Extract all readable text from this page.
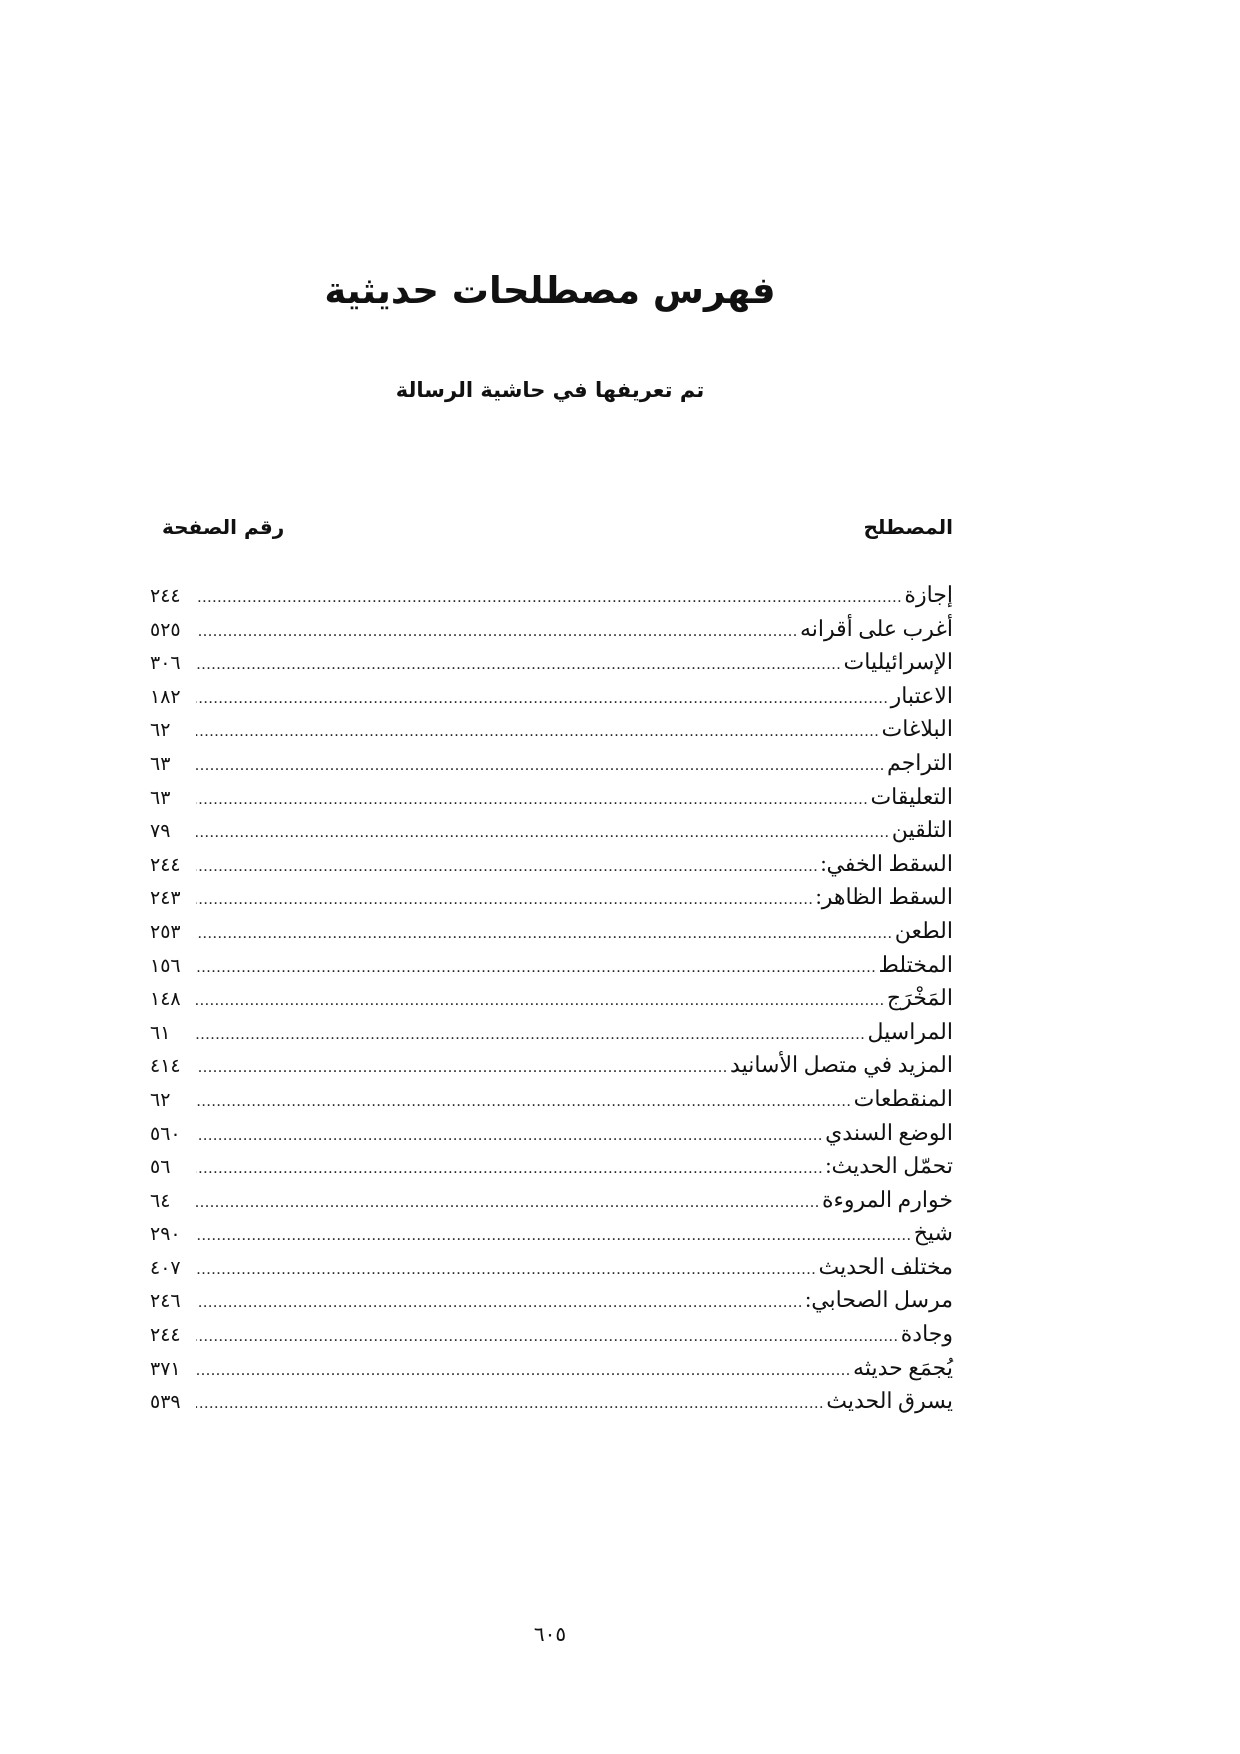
فهرس مصطلحات حديثية
تم تعريفها في حاشية الرسالة
المصطلح
رقم الصفحة
إجازة
.....
٢٤٤
أغرب على أقرانه
.....
٥٢٥
الإسرائيليات
.....
٣٠٦
الاعتبار
.....
١٨٢
البلاغات
.....
٦٢
التراجم
.....
٦٣
التعليقات
.....
٦٣
التلقين
.....
٧٩
السقط الخفي:
.....
٢٤٤
السقط الظاهر:
.....
٢٤٣
الطعن
.....
٢٥٣
المختلط
.....
١٥٦
المَخْرَج
.....
١٤٨
المراسيل
.....
٦١
المزيد في متصل الأسانيد
.....
٤١٤
المنقطعات
.....
٦٢
الوضع السندي
.....
٥٦٠
تحمّل الحديث:
.....
٥٦
خوارم المروءة
.....
٦٤
شيخ
.....
٢٩٠
مختلف الحديث
.....
٤٠٧
مرسل الصحابي:
.....
٢٤٦
وجادة
.....
٢٤٤
يُجمَع حديثه
.....
٣٧١
يسرق الحديث
.....
٥٣٩
٦٠٥
